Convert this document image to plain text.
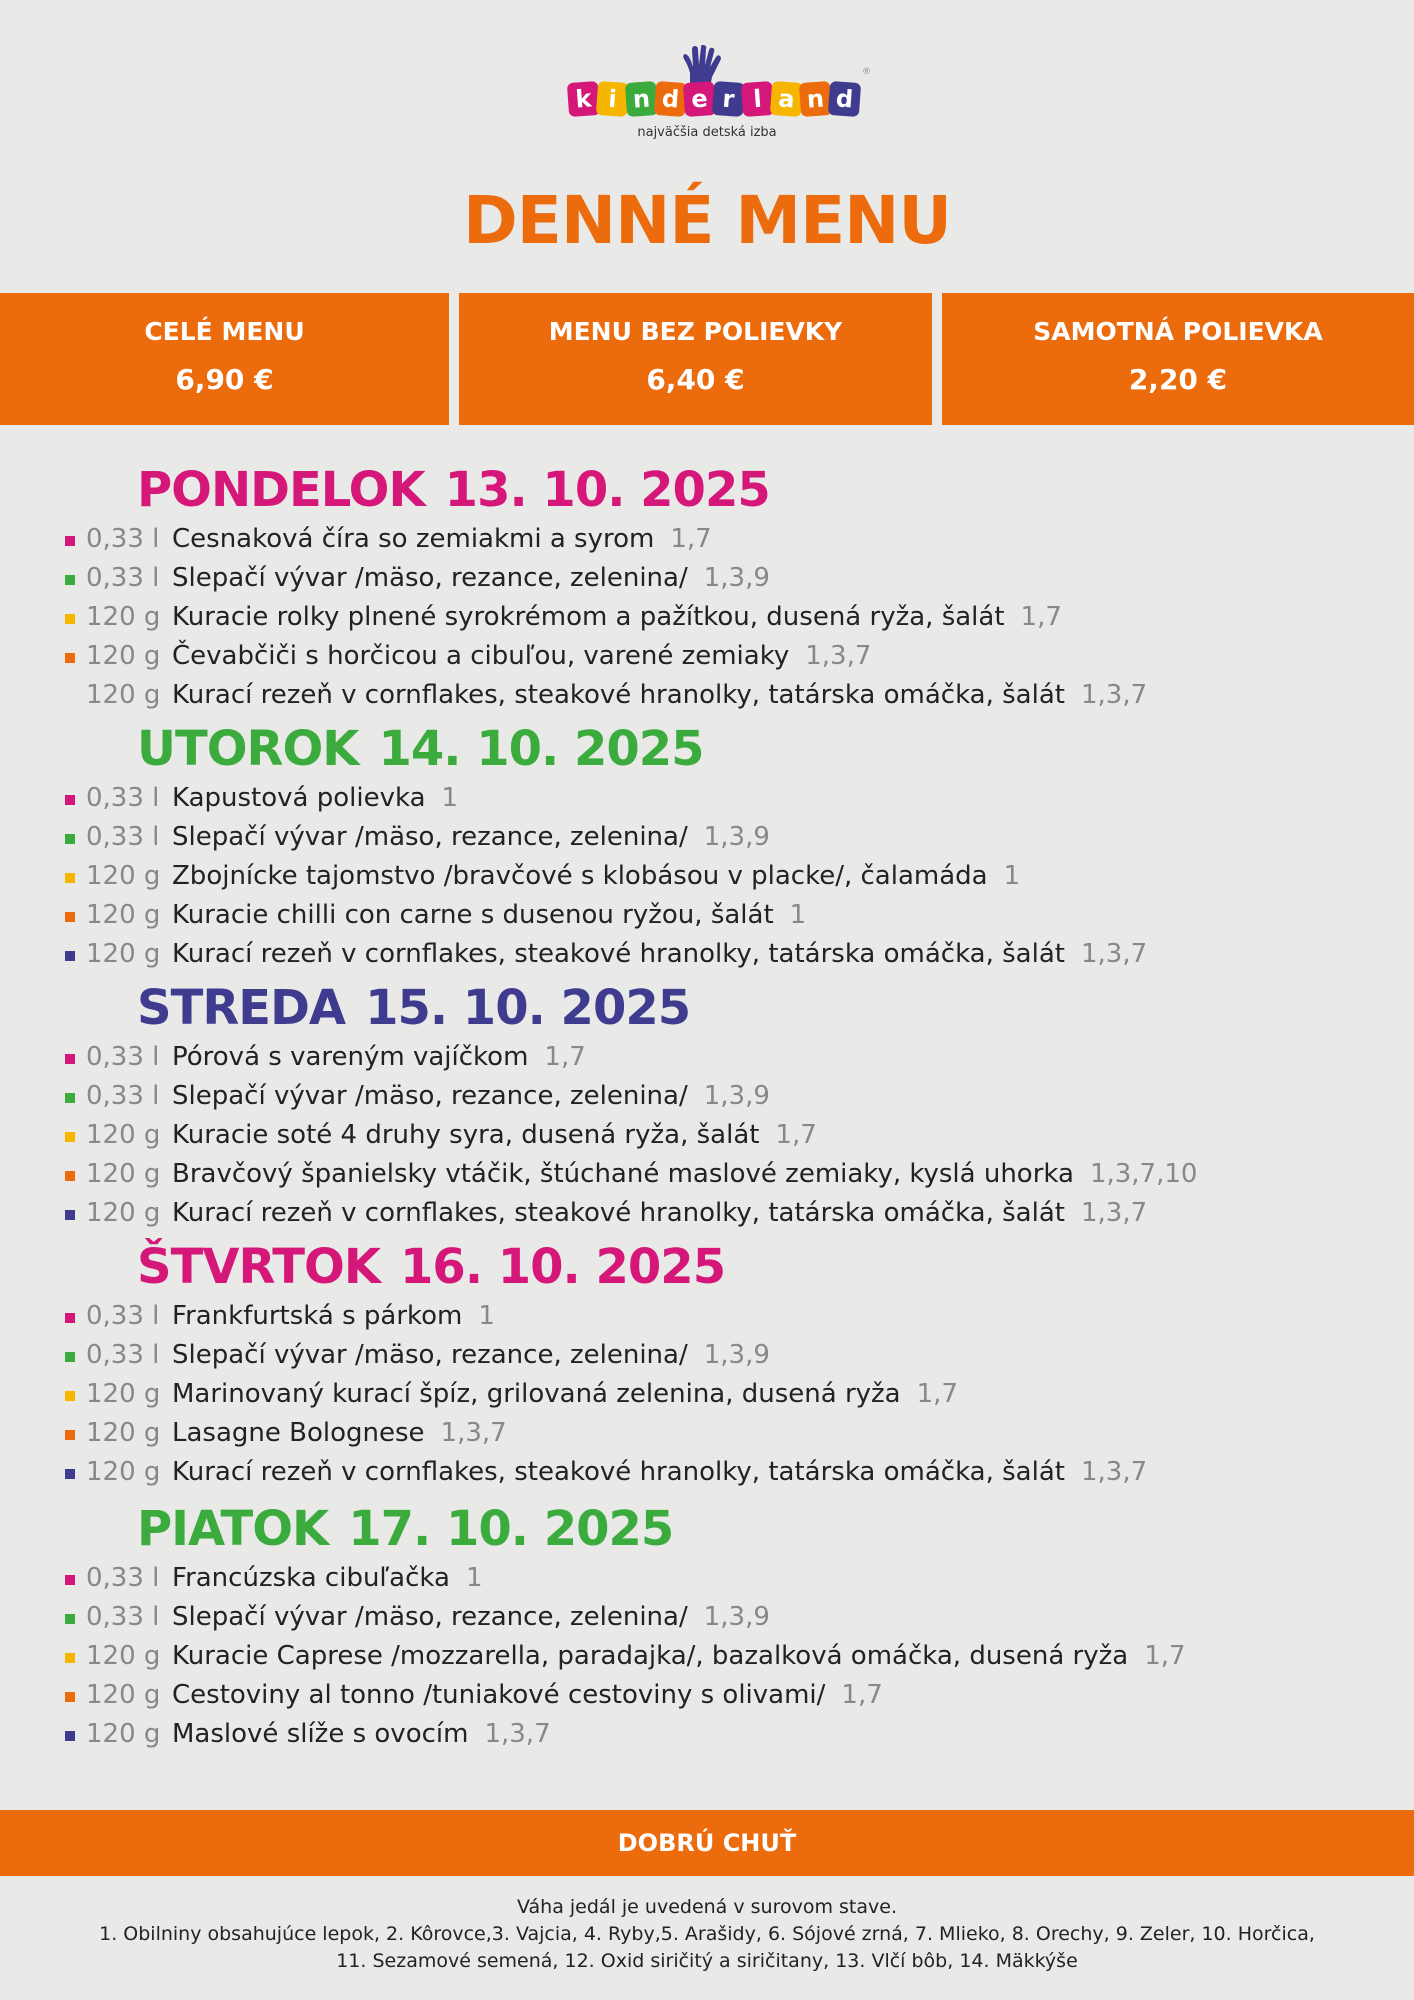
k i n d e r l a n d
®
najväčšia detská izba
DENNÉ MENU
CELÉ MENU
6,90 €
MENU BEZ POLIEVKY
6,40 €
SAMOTNÁ POLIEVKA
2,20 €
PONDELOK 13. 10. 2025
0,33 l Cesnaková číra so zemiakmi a syrom 1,7
0,33 l Slepačí vývar /mäso, rezance, zelenina/ 1,3,9
120 g Kuracie rolky plnené syrokrémom a pažítkou, dusená ryža, šalát 1,7
120 g Čevabčiči s horčicou a cibuľou, varené zemiaky 1,3,7
120 g Kurací rezeň v cornflakes, steakové hranolky, tatárska omáčka, šalát 1,3,7
UTOROK 14. 10. 2025
0,33 l Kapustová polievka 1
0,33 l Slepačí vývar /mäso, rezance, zelenina/ 1,3,9
120 g Zbojnícke tajomstvo /bravčové s klobásou v placke/, čalamáda 1
120 g Kuracie chilli con carne s dusenou ryžou, šalát 1
120 g Kurací rezeň v cornflakes, steakové hranolky, tatárska omáčka, šalát 1,3,7
STREDA 15. 10. 2025
0,33 l Pórová s vareným vajíčkom 1,7
0,33 l Slepačí vývar /mäso, rezance, zelenina/ 1,3,9
120 g Kuracie soté 4 druhy syra, dusená ryža, šalát 1,7
120 g Bravčový španielsky vtáčik, štúchané maslové zemiaky, kyslá uhorka 1,3,7,10
120 g Kurací rezeň v cornflakes, steakové hranolky, tatárska omáčka, šalát 1,3,7
ŠTVRTOK 16. 10. 2025
0,33 l Frankfurtská s párkom 1
0,33 l Slepačí vývar /mäso, rezance, zelenina/ 1,3,9
120 g Marinovaný kurací špíz, grilovaná zelenina, dusená ryža 1,7
120 g Lasagne Bolognese 1,3,7
120 g Kurací rezeň v cornflakes, steakové hranolky, tatárska omáčka, šalát 1,3,7
PIATOK 17. 10. 2025
0,33 l Francúzska cibuľačka 1
0,33 l Slepačí vývar /mäso, rezance, zelenina/ 1,3,9
120 g Kuracie Caprese /mozzarella, paradajka/, bazalková omáčka, dusená ryža 1,7
120 g Cestoviny al tonno /tuniakové cestoviny s olivami/ 1,7
120 g Maslové slíže s ovocím 1,3,7
DOBRÚ CHUŤ
Váha jedál je uvedená v surovom stave.
1. Obilniny obsahujúce lepok, 2. Kôrovce,3. Vajcia, 4. Ryby,5. Arašidy, 6. Sójové zrná, 7. Mlieko, 8. Orechy, 9. Zeler, 10. Horčica,
11. Sezamové semená, 12. Oxid siričitý a siričitany, 13. Vlčí bôb, 14. Mäkkýše
